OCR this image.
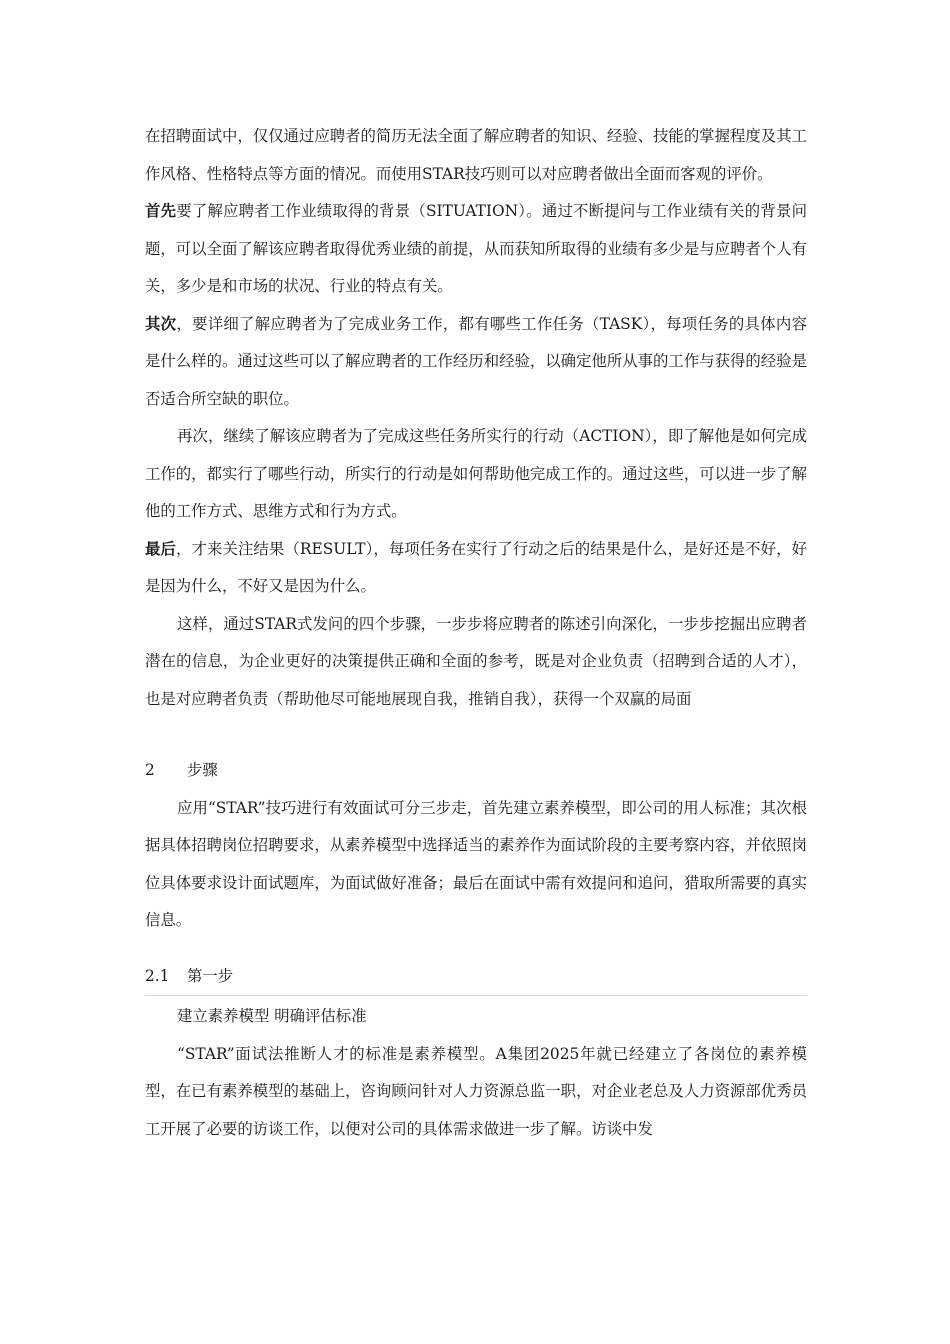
在招聘面试中，仅仅通过应聘者的简历无法全面了解应聘者的知识、经验、技能的掌握程度及其工作风格、性格特点等方面的情况。而使用STAR技巧则可以对应聘者做出全面而客观的评价。

首先要了解应聘者工作业绩取得的背景（SITUATION）。通过不断提问与工作业绩有关的背景问题，可以全面了解该应聘者取得优秀业绩的前提，从而获知所取得的业绩有多少是与应聘者个人有关，多少是和市场的状况、行业的特点有关。

其次，要详细了解应聘者为了完成业务工作，都有哪些工作任务（TASK），每项任务的具体内容是什么样的。通过这些可以了解应聘者的工作经历和经验，以确定他所从事的工作与获得的经验是否适合所空缺的职位。

再次，继续了解该应聘者为了完成这些任务所实行的行动（ACTION），即了解他是如何完成工作的，都实行了哪些行动，所实行的行动是如何帮助他完成工作的。通过这些，可以进一步了解他的工作方式、思维方式和行为方式。

最后，才来关注结果（RESULT），每项任务在实行了行动之后的结果是什么，是好还是不好，好是因为什么，不好又是因为什么。

这样，通过STAR式发问的四个步骤，一步步将应聘者的陈述引向深化，一步步挖掘出应聘者潜在的信息，为企业更好的决策提供正确和全面的参考，既是对企业负责（招聘到合适的人才），也是对应聘者负责（帮助他尽可能地展现自我，推销自我），获得一个双赢的局面

2 步骤

应用“STAR”技巧进行有效面试可分三步走，首先建立素养模型，即公司的用人标准；其次根据具体招聘岗位招聘要求，从素养模型中选择适当的素养作为面试阶段的主要考察内容，并依照岗位具体要求设计面试题库，为面试做好准备；最后在面试中需有效提问和追问，猎取所需要的真实信息。

2.1 第一步

建立素养模型 明确评估标准

“STAR”面试法推断人才的标准是素养模型。A集团2025年就已经建立了各岗位的素养模型，在已有素养模型的基础上，咨询顾问针对人力资源总监一职，对企业老总及人力资源部优秀员工开展了必要的访谈工作，以便对公司的具体需求做进一步了解。访谈中发
